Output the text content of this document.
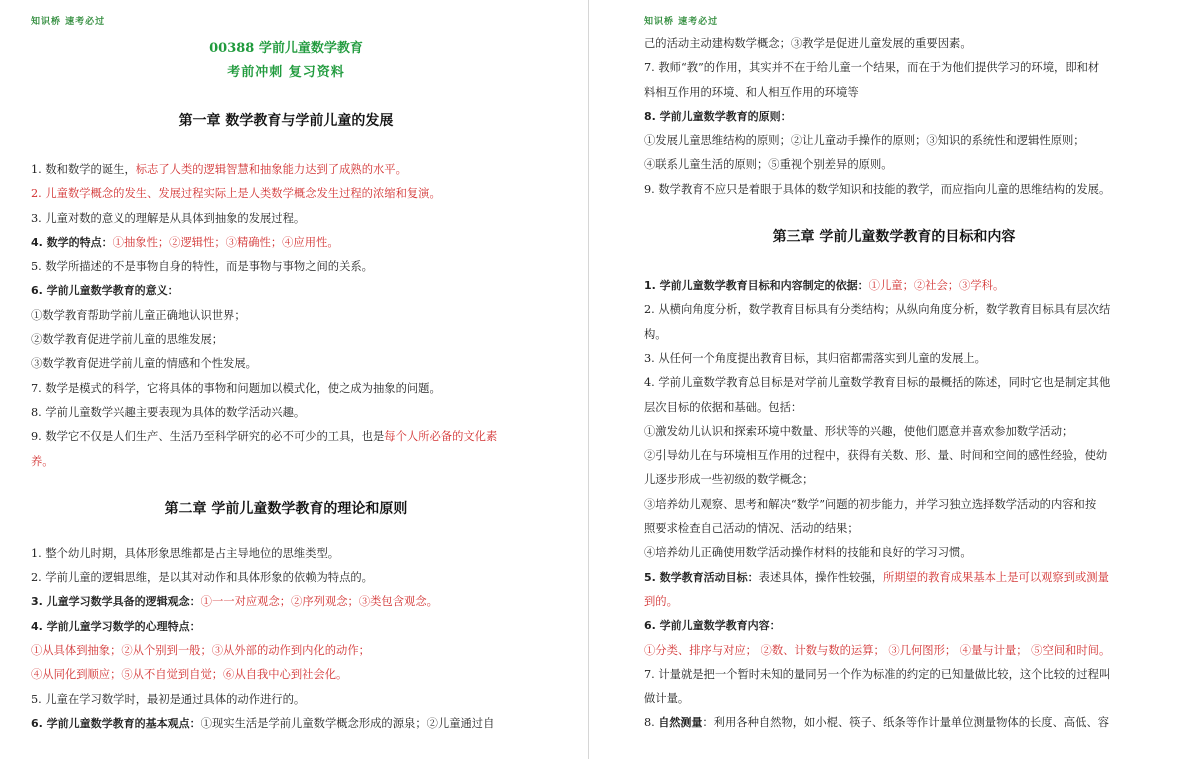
知识桥 速考必过
00388 学前儿童数学教育
考前冲刺 复习资料
第一章 数学教育与学前儿童的发展
1. 数和数学的诞生，标志了人类的逻辑智慧和抽象能力达到了成熟的水平。
2. 儿童数学概念的发生、发展过程实际上是人类数学概念发生过程的浓缩和复演。
3. 儿童对数的意义的理解是从具体到抽象的发展过程。
4. 数学的特点：①抽象性；②逻辑性；③精确性；④应用性。
5. 数学所描述的不是事物自身的特性，而是事物与事物之间的关系。
6. 学前儿童数学教育的意义：
①数学教育帮助学前儿童正确地认识世界；
②数学教育促进学前儿童的思维发展；
③数学教育促进学前儿童的情感和个性发展。
7. 数学是模式的科学，它将具体的事物和问题加以模式化，使之成为抽象的问题。
8. 学前儿童数学兴趣主要表现为具体的数学活动兴趣。
9. 数学它不仅是人们生产、生活乃至科学研究的必不可少的工具，也是每个人所必备的文化素
养。
第二章 学前儿童数学教育的理论和原则
1. 整个幼儿时期，具体形象思维都是占主导地位的思维类型。
2. 学前儿童的逻辑思维，是以其对动作和具体形象的依赖为特点的。
3. 儿童学习数学具备的逻辑观念：①一一对应观念；②序列观念；③类包含观念。
4. 学前儿童学习数学的心理特点：
①从具体到抽象；②从个别到一般；③从外部的动作到内化的动作；
④从同化到顺应；⑤从不自觉到自觉；⑥从自我中心到社会化。
5. 儿童在学习数学时，最初是通过具体的动作进行的。
6. 学前儿童数学教育的基本观点：①现实生活是学前儿童数学概念形成的源泉；②儿童通过自
知识桥 速考必过
己的活动主动建构数学概念；③教学是促进儿童发展的重要因素。
7. 教师“教”的作用，其实并不在于给儿童一个结果，而在于为他们提供学习的环境，即和材
料相互作用的环境、和人相互作用的环境等
8. 学前儿童数学教育的原则：
①发展儿童思维结构的原则；②让儿童动手操作的原则；③知识的系统性和逻辑性原则；
④联系儿童生活的原则；⑤重视个别差异的原则。
9. 数学教育不应只是着眼于具体的数学知识和技能的教学，而应指向儿童的思维结构的发展。
第三章 学前儿童数学教育的目标和内容
1. 学前儿童数学教育目标和内容制定的依据：①儿童；②社会；③学科。
2. 从横向角度分析，数学教育目标具有分类结构；从纵向角度分析，数学教育目标具有层次结
构。
3. 从任何一个角度提出教育目标，其归宿都需落实到儿童的发展上。
4. 学前儿童数学教育总目标是对学前儿童数学教育目标的最概括的陈述，同时它也是制定其他
层次目标的依据和基础。包括：
①激发幼儿认识和探索环境中数量、形状等的兴趣，使他们愿意并喜欢参加数学活动；
②引导幼儿在与环境相互作用的过程中，获得有关数、形、量、时间和空间的感性经验，使幼
儿逐步形成一些初级的数学概念；
③培养幼儿观察、思考和解决“数学”问题的初步能力，并学习独立选择数学活动的内容和按
照要求检查自己活动的情况、活动的结果；
④培养幼儿正确使用数学活动操作材料的技能和良好的学习习惯。
5. 数学教育活动目标：表述具体，操作性较强，所期望的教育成果基本上是可以观察到或测量
到的。
6. 学前儿童数学教育内容：
①分类、排序与对应； ②数、计数与数的运算； ③几何图形； ④量与计量； ⑤空间和时间。
7. 计量就是把一个暂时未知的量同另一个作为标准的约定的已知量做比较，这个比较的过程叫
做计量。
8. 自然测量：利用各种自然物，如小棍、筷子、纸条等作计量单位测量物体的长度、高低、容
